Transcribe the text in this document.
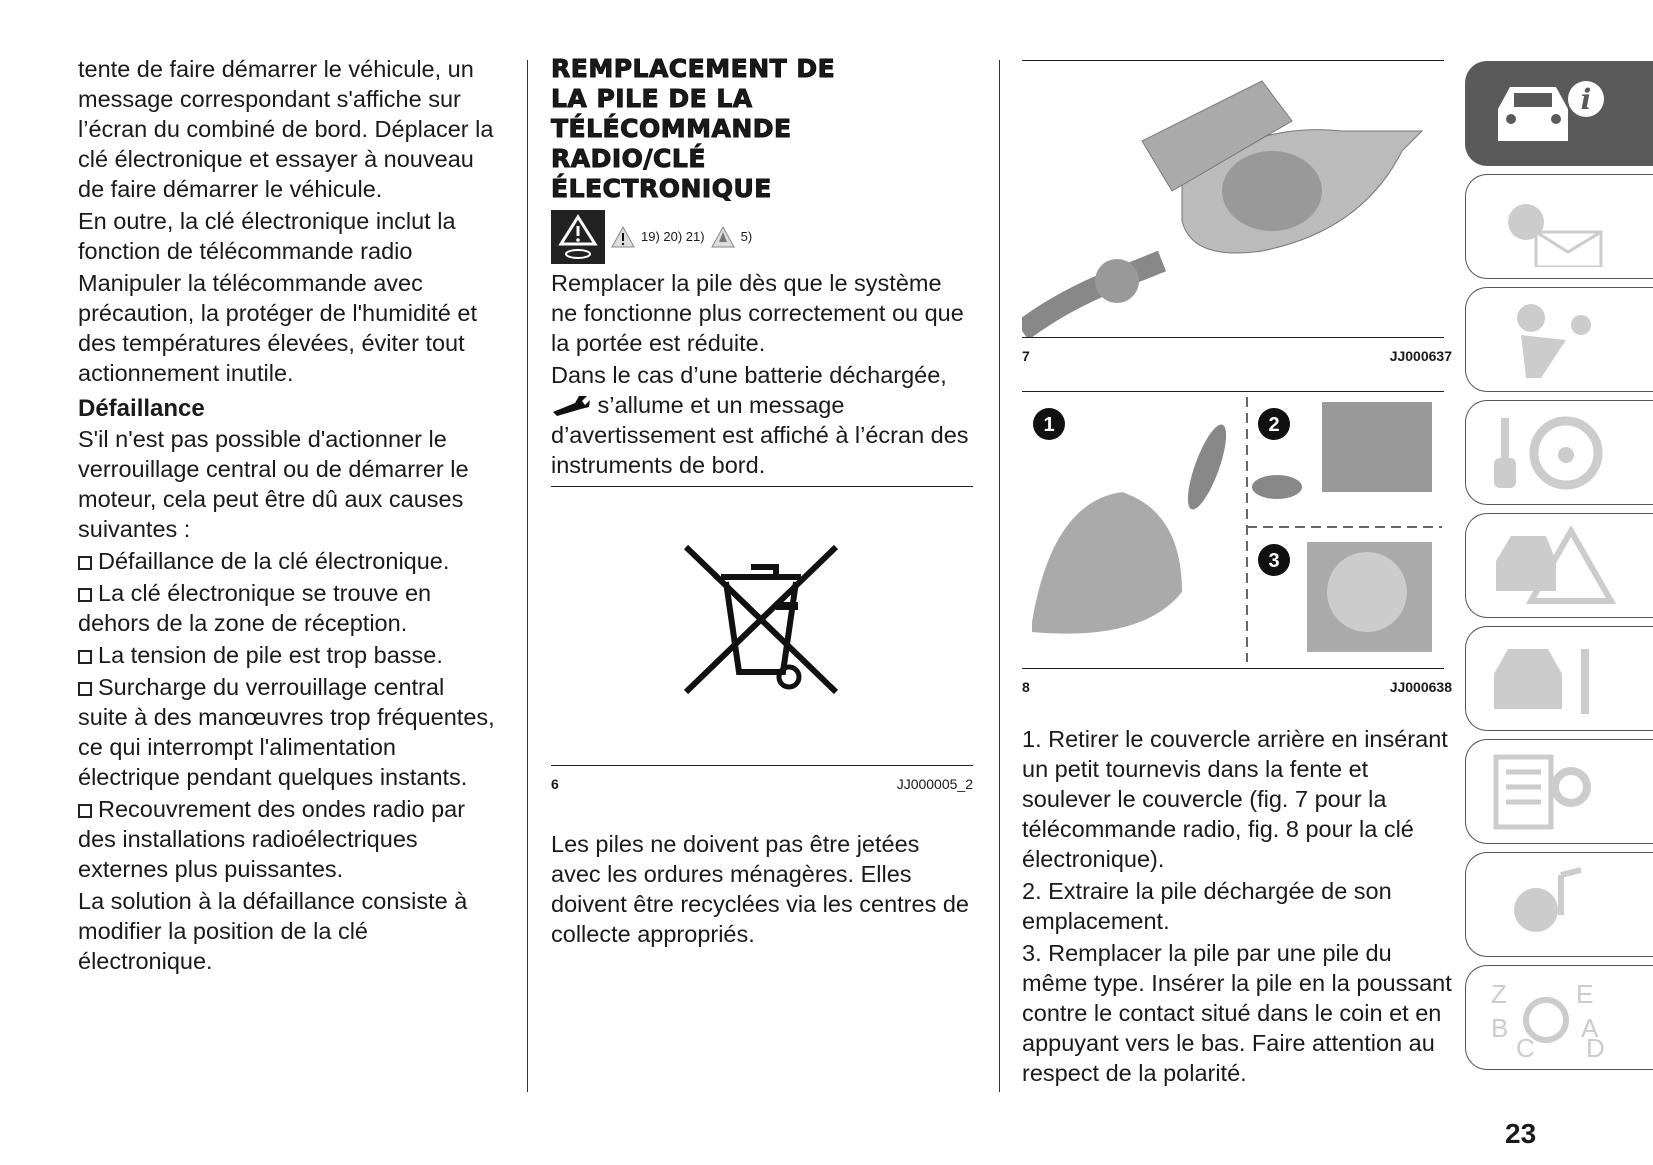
tente de faire démarrer le véhicule, un message correspondant s'affiche sur l’écran du combiné de bord. Déplacer la clé électronique et essayer à nouveau de faire démarrer le véhicule.

En outre, la clé électronique inclut la fonction de télécommande radio

Manipuler la télécommande avec précaution, la protéger de l'humidité et des températures élevées, éviter tout actionnement inutile.

Défaillance

S'il n'est pas possible d'actionner le verrouillage central ou de démarrer le moteur, cela peut être dû aux causes suivantes :

Défaillance de la clé électronique.

La clé électronique se trouve en dehors de la zone de réception.

La tension de pile est trop basse.

Surcharge du verrouillage central suite à des manœuvres trop fréquentes, ce qui interrompt l'alimentation électrique pendant quelques instants.

Recouvrement des ondes radio par des installations radioélectriques externes plus puissantes.

La solution à la défaillance consiste à modifier la position de la clé électronique.

REMPLACEMENT DE LA PILE DE LA TÉLÉCOMMANDE RADIO/CLÉ ÉLECTRONIQUE
19) 20) 21)	5)

Remplacer la pile dès que le système ne fonctionne plus correctement ou que la portée est réduite.

Dans le cas d’une batterie déchargée,
s’allume et un message d’avertissement est affiché à l’écran des instruments de bord.

6	JJ000005_2

Les piles ne doivent pas être jetées avec les ordures ménagères. Elles doivent être recyclées via les centres de collecte appropriés.

7	JJ000637
1	2
3
8	JJ000638

1. Retirer le couvercle arrière en insérant un petit tournevis dans la fente et soulever le couvercle (fig. 7 pour la télécommande radio, fig. 8 pour la clé électronique).

2. Extraire la pile déchargée de son emplacement.

3. Remplacer la pile par une pile du même type. Insérer la pile en la poussant contre le contact situé dans le coin et en appuyant vers le bas. Faire attention au respect de la polarité.

i
Z
B
C
E
A
D
23
